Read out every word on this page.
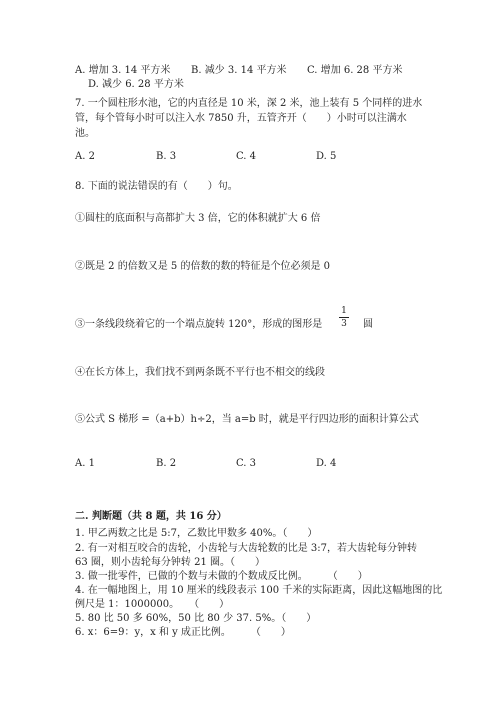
A. 增加 3. 14 平方米 B. 减少 3. 14 平方米 C. 增加 6. 28 平方米
D. 减少 6. 28 平方米
7. 一个圆柱形水池，它的内直径是 10 米，深 2 米，池上装有 5 个同样的进水
管，每个管每小时可以注入水 7850 升，五管齐开（　　）小时可以注满水
池。
A. 2	B. 3	C. 4	D. 5
8. 下面的说法错误的有（　　）句。
①圆柱的底面积与高都扩大 3 倍，它的体积就扩大 6 倍
②既是 2 的倍数又是 5 的倍数的数的特征是个位必须是 0
③一条线段绕着它的一个端点旋转 120°，形成的图形是
1
3 圆
④在长方体上，我们找不到两条既不平行也不相交的线段
⑤公式 S 梯形 =（a+b）h÷2，当 a=b 时，就是平行四边形的面积计算公式
A. 1	B. 2	C. 3	D. 4
二. 判断题（共 8 题，共 16 分）
1. 甲乙两数之比是 5:7，乙数比甲数多 40%。（　　）
2. 有一对相互咬合的齿轮，小齿轮与大齿轮数的比是 3:7，若大齿轮每分钟转
63 圈，则小齿轮每分钟转 21 圈。（　　）
3. 做一批零件，已做的个数与未做的个数成反比例。　　　（　　）
4. 在一幅地图上，用 10 厘米的线段表示 100 千米的实际距离，因此这幅地图的比
例尺是 1：1000000。　　（　　）
5. 80 比 50 多 60%，50 比 80 少 37. 5%。（　　）
6. x：6=9：y，x 和 y 成正比例。　　　（　　）
